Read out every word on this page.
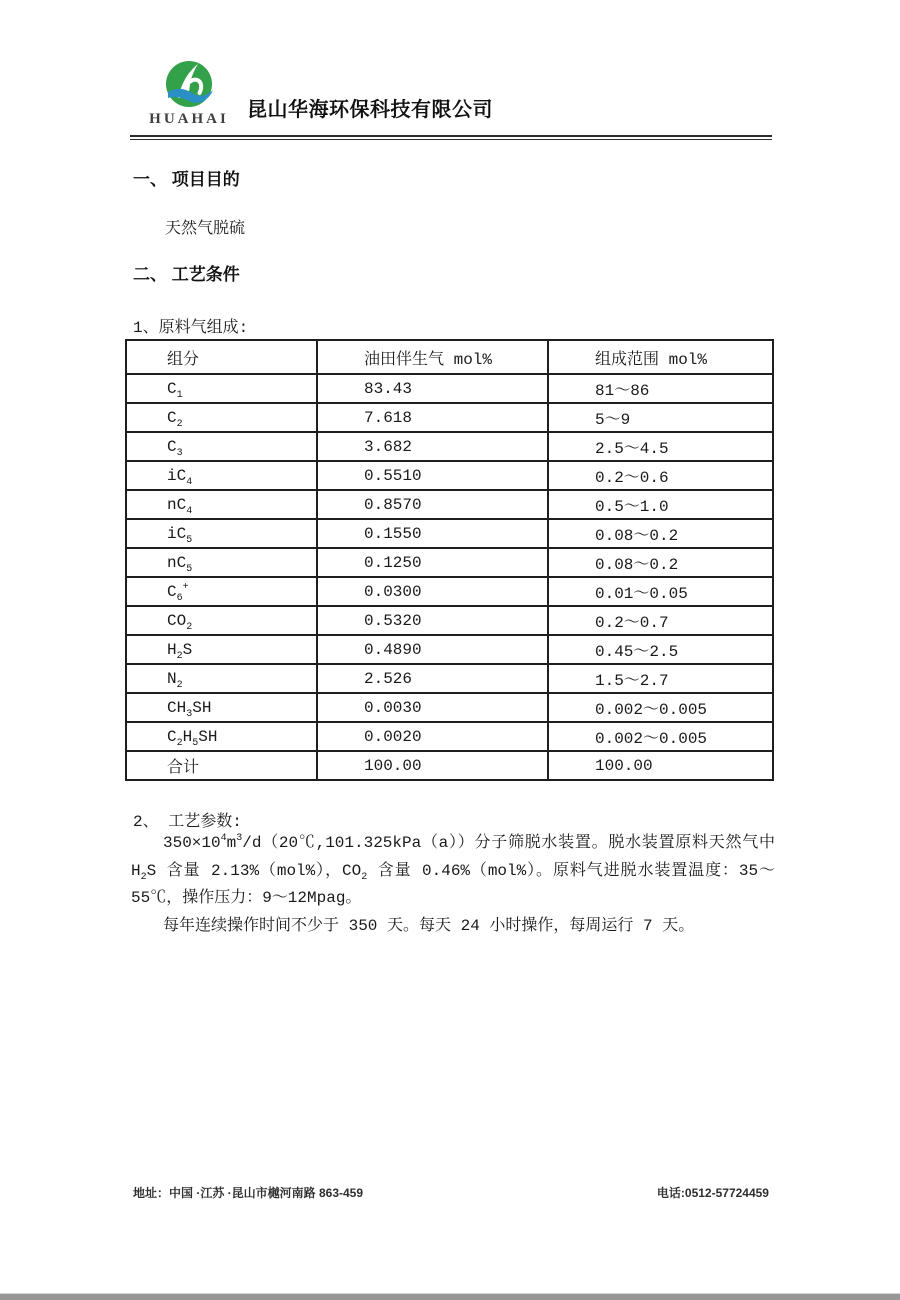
HUAHAI 昆山华海环保科技有限公司
一、 项目目的
天然气脱硫
二、 工艺条件
1、原料气组成:
组分	油田伴生气 mol%	组成范围 mol%
$C_1$	83.43	81～86
$C_2$	7.618	5～9
$C_3$	3.682	2.5～4.5
$iC_4$	0.5510	0.2～0.6
$nC_4$	0.8570	0.5～1.0
$iC_5$	0.1550	0.08～0.2
$nC_5$	0.1250	0.08～0.2
$C_6^+$	0.0300	0.01～0.05
$CO_2$	0.5320	0.2～0.7
$H_2S$	0.4890	0.45～2.5
$N_2$	2.526	1.5～2.7
$CH_3SH$	0.0030	0.002～0.005
$C_2H_5SH$	0.0020	0.002～0.005
合计	100.00	100.00
2、 工艺参数:

$350\times 10^4m^3/d(20℃,101.325kPa(a))$分子筛脱水装置。脱水装置原料天然气中 $H_2S$ 含量 2.13%（mol%），$CO_2$ 含量 0.46%（mol%）。原料气进脱水装置温度：35～55℃，操作压力：9～12Mpag。

每年连续操作时间不少于 350 天。每天 24 小时操作，每周运行 7 天。

地址：中国 ·江苏 ·昆山市樾河南路 863-459	电话:0512-57724459
